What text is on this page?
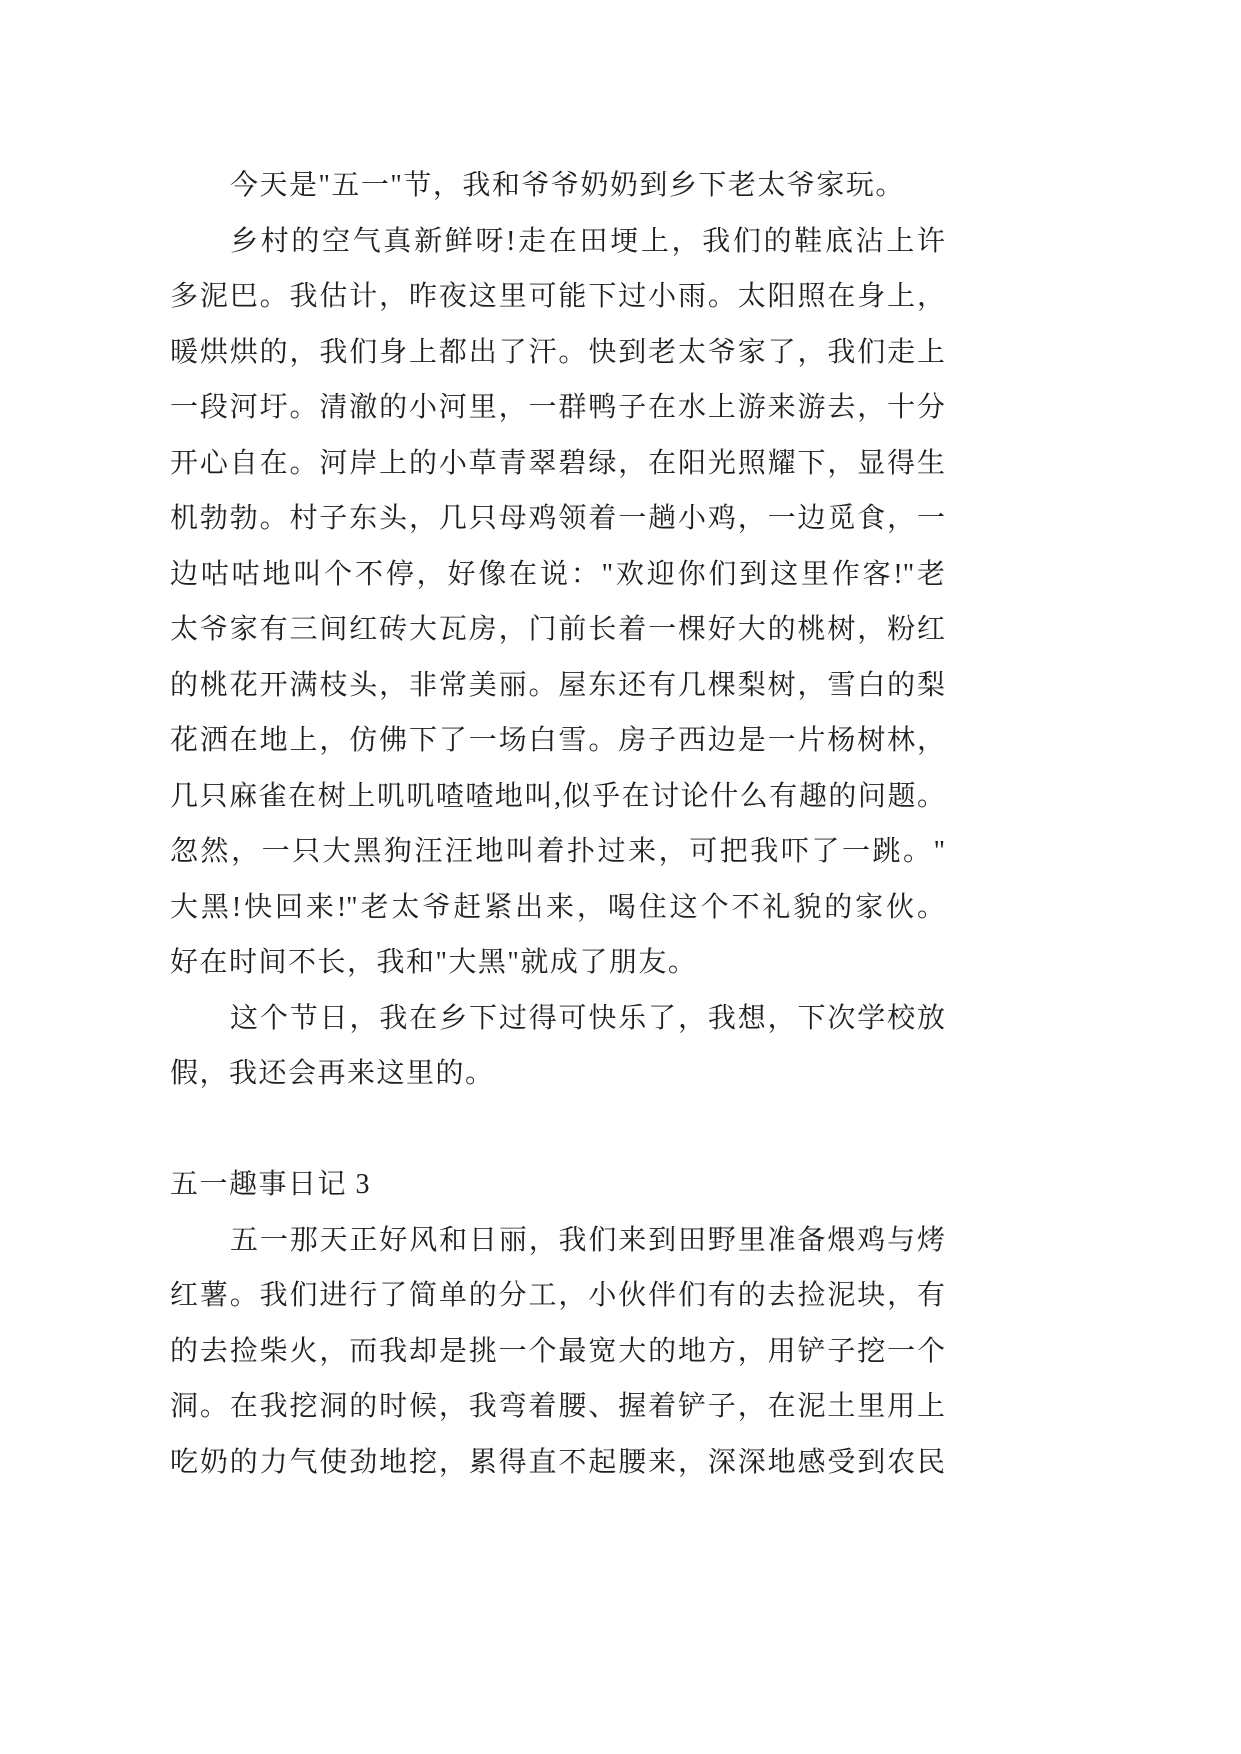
今天是"五一"节，我和爷爷奶奶到乡下老太爷家玩。
乡村的空气真新鲜呀!走在田埂上，我们的鞋底沾上许
多泥巴。我估计，昨夜这里可能下过小雨。太阳照在身上，
暖烘烘的，我们身上都出了汗。快到老太爷家了，我们走上
一段河圩。清澈的小河里，一群鸭子在水上游来游去，十分
开心自在。河岸上的小草青翠碧绿，在阳光照耀下，显得生
机勃勃。村子东头，几只母鸡领着一趟小鸡，一边觅食，一
边咕咕地叫个不停，好像在说："欢迎你们到这里作客!"老
太爷家有三间红砖大瓦房，门前长着一棵好大的桃树，粉红
的桃花开满枝头，非常美丽。屋东还有几棵梨树，雪白的梨
花洒在地上，仿佛下了一场白雪。房子西边是一片杨树林，
几只麻雀在树上叽叽喳喳地叫,似乎在讨论什么有趣的问题。
忽然，一只大黑狗汪汪地叫着扑过来，可把我吓了一跳。"
大黑!快回来!"老太爷赶紧出来，喝住这个不礼貌的家伙。
好在时间不长，我和"大黑"就成了朋友。
这个节日，我在乡下过得可快乐了，我想，下次学校放
假，我还会再来这里的。
五一趣事日记 3
五一那天正好风和日丽，我们来到田野里准备煨鸡与烤
红薯。我们进行了简单的分工，小伙伴们有的去捡泥块，有
的去捡柴火，而我却是挑一个最宽大的地方，用铲子挖一个
洞。在我挖洞的时候，我弯着腰、握着铲子，在泥土里用上
吃奶的力气使劲地挖，累得直不起腰来，深深地感受到农民
